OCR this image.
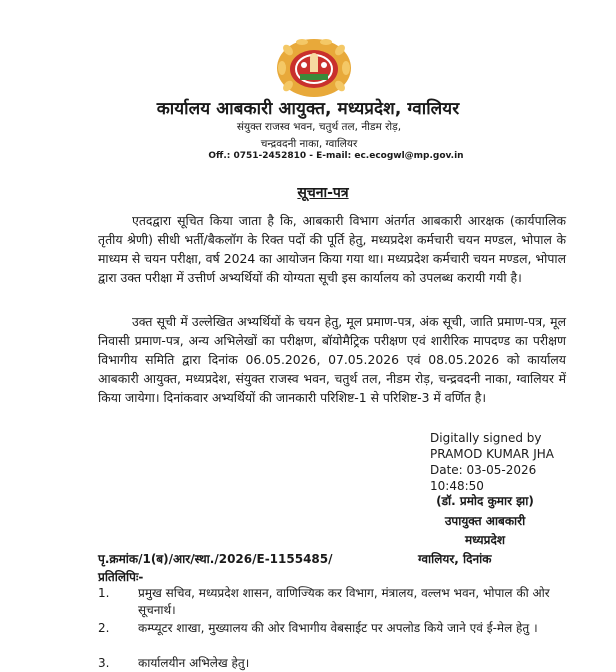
कार्यालय आबकारी आयुक्त, मध्यप्रदेश, ग्वालियर
संयुक्त राजस्व भवन, चतुर्थ तल, नीडम रोड़,
चन्द्रवदनी नाका, ग्वालियर
Off.: 0751-2452810 - E-mail: ec.ecogwl@mp.gov.in
सूचना-पत्र

एतदद्वारा सूचित किया जाता है कि, आबकारी विभाग अंतर्गत आबकारी आरक्षक (कार्यपालिक तृतीय श्रेणी) सीधी भर्ती/बैकलॉग के रिक्त पदों की पूर्ति हेतु, मध्यप्रदेश कर्मचारी चयन मण्डल, भोपाल के माध्यम से चयन परीक्षा, वर्ष 2024 का आयोजन किया गया था। मध्यप्रदेश कर्मचारी चयन मण्डल, भोपाल द्वारा उक्त परीक्षा में उत्तीर्ण अभ्यर्थियों की योग्यता सूची इस कार्यालय को उपलब्ध करायी गयी है।

उक्त सूची में उल्लेखित अभ्यर्थियों के चयन हेतु, मूल प्रमाण-पत्र, अंक सूची, जाति प्रमाण-पत्र, मूल निवासी प्रमाण-पत्र, अन्य अभिलेखों का परीक्षण, बॉयोमैट्रिक परीक्षण एवं शारीरिक मापदण्ड का परीक्षण विभागीय समिति द्वारा दिनांक 06.05.2026, 07.05.2026 एवं 08.05.2026 को कार्यालय आबकारी आयुक्त, मध्यप्रदेश, संयुक्त राजस्व भवन, चतुर्थ तल, नीडम रोड़, चन्द्रवदनी नाका, ग्वालियर में किया जायेगा। दिनांकवार अभ्यर्थियों की जानकारी परिशिष्ट-1 से परिशिष्ट-3 में वर्णित है।

Digitally signed by
PRAMOD KUMAR JHA
Date: 03-05-2026
10:48:50
(डॉ. प्रमोद कुमार झा)
उपायुक्त आबकारी
मध्यप्रदेश
पृ.क्रमांक/1(ब)/आर/स्था./2026/E-1155485/	ग्वालियर, दिनांक
प्रतिलिपिः-
1.	प्रमुख सचिव, मध्यप्रदेश शासन, वाणिज्यिक कर विभाग, मंत्रालय, वल्लभ भवन, भोपाल की ओर सूचनार्थ।
2.	कम्प्यूटर शाखा, मुख्यालय की ओर विभागीय वेबसाईट पर अपलोड किये जाने एवं ई-मेल हेतु ।
3.	कार्यालयीन अभिलेख हेतु।
